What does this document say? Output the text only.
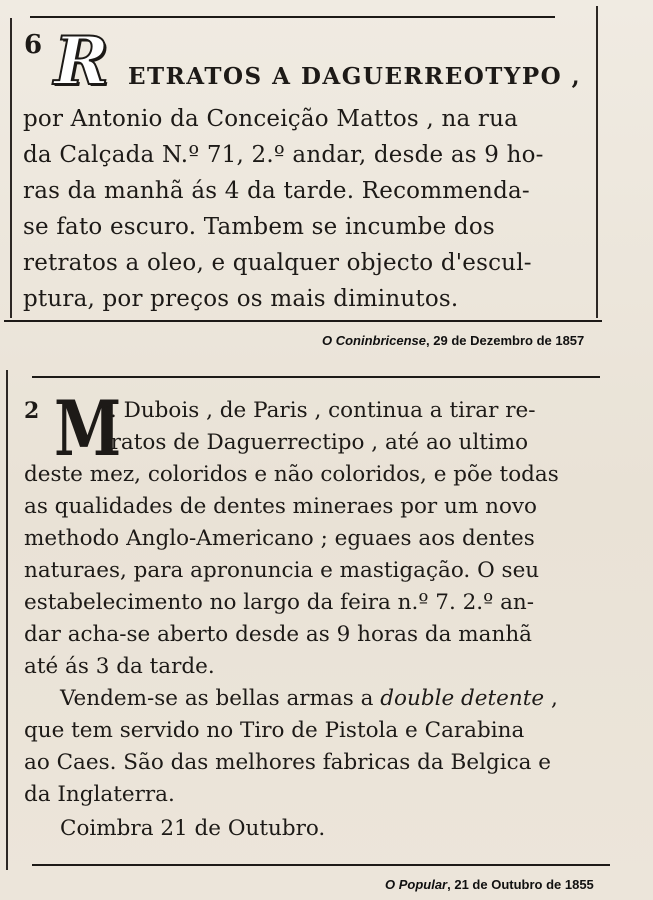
6 R ETRATOS A DAGUERREOTYPO ,
por Antonio da Conceição Mattos , na rua
da Calçada N.º 71, 2.º andar, desde as 9 ho-
ras da manhã ás 4 da tarde. Recommenda-
se fato escuro. Tambem se incumbe dos
retratos a oleo, e qualquer objecto d'escul-
ptura, por preços os mais diminutos.
O Coninbricense, 29 de Dezembro de 1857
2 M
r. Dubois , de Paris , continua a tirar re-
tratos de Daguerrectipo , até ao ultimo
deste mez, coloridos e não coloridos, e põe todas
as qualidades de dentes mineraes por um novo
methodo Anglo-Americano ; eguaes aos dentes
naturaes, para apronuncia e mastigação. O seu
estabelecimento no largo da feira n.º 7. 2.º an-
dar acha-se aberto desde as 9 horas da manhã
até ás 3 da tarde.
Vendem-se as bellas armas a double detente ,
que tem servido no Tiro de Pistola e Carabina
ao Caes. São das melhores fabricas da Belgica e
da Inglaterra.
Coimbra 21 de Outubro.
O Popular, 21 de Outubro de 1855
